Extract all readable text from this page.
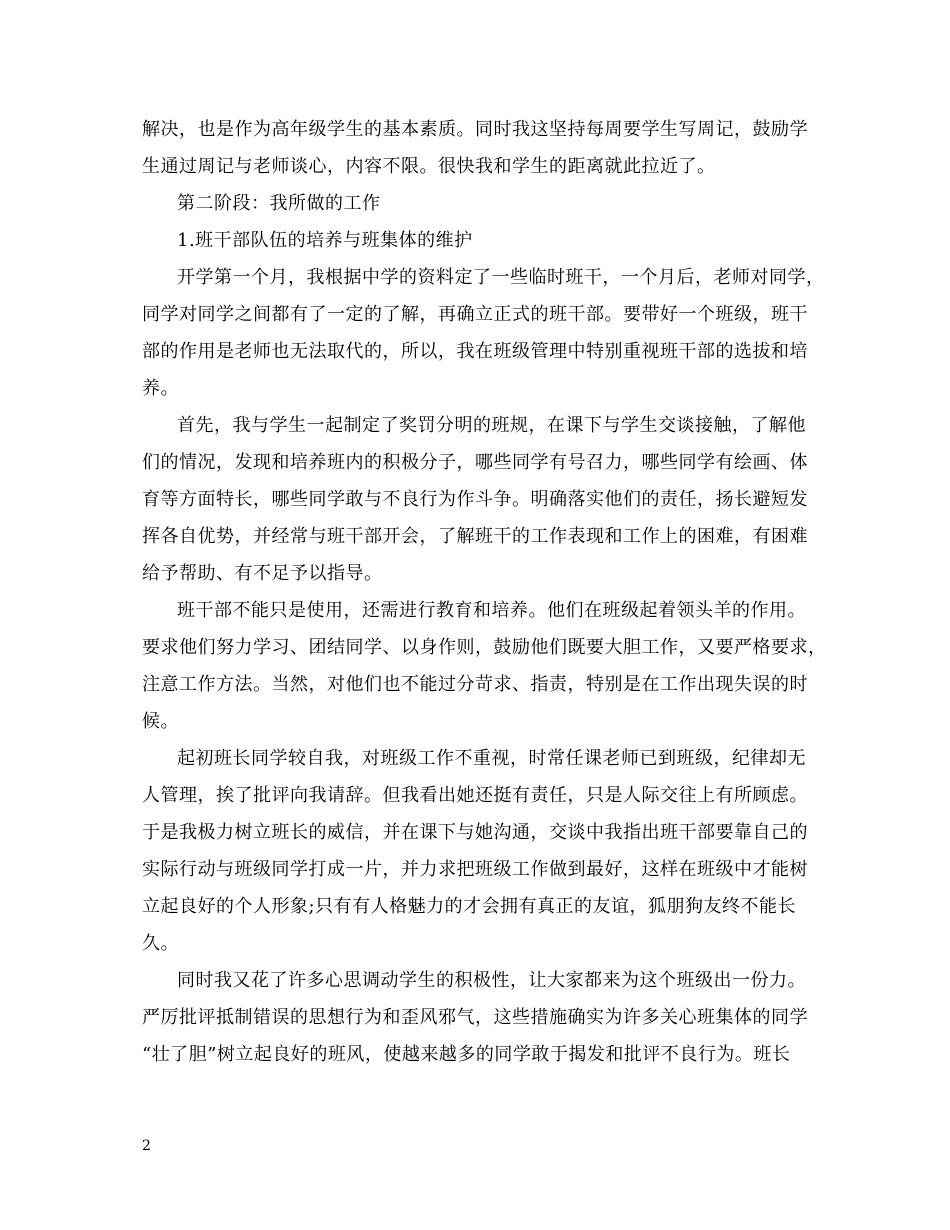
解决，也是作为高年级学生的基本素质。同时我这坚持每周要学生写周记，鼓励学
生通过周记与老师谈心，内容不限。很快我和学生的距离就此拉近了。
第二阶段：我所做的工作
1.班干部队伍的培养与班集体的维护
开学第一个月，我根据中学的资料定了一些临时班干，一个月后，老师对同学，
同学对同学之间都有了一定的了解，再确立正式的班干部。要带好一个班级，班干
部的作用是老师也无法取代的，所以，我在班级管理中特别重视班干部的选拔和培
养。
首先，我与学生一起制定了奖罚分明的班规，在课下与学生交谈接触，了解他
们的情况，发现和培养班内的积极分子，哪些同学有号召力，哪些同学有绘画、体
育等方面特长，哪些同学敢与不良行为作斗争。明确落实他们的责任，扬长避短发
挥各自优势，并经常与班干部开会，了解班干的工作表现和工作上的困难，有困难
给予帮助、有不足予以指导。
班干部不能只是使用，还需进行教育和培养。他们在班级起着领头羊的作用。
要求他们努力学习、团结同学、以身作则，鼓励他们既要大胆工作，又要严格要求，
注意工作方法。当然，对他们也不能过分苛求、指责，特别是在工作出现失误的时
候。
起初班长同学较自我，对班级工作不重视，时常任课老师已到班级，纪律却无
人管理，挨了批评向我请辞。但我看出她还挺有责任，只是人际交往上有所顾虑。
于是我极力树立班长的威信，并在课下与她沟通，交谈中我指出班干部要靠自己的
实际行动与班级同学打成一片，并力求把班级工作做到最好，这样在班级中才能树
立起良好的个人形象;只有有人格魅力的才会拥有真正的友谊，狐朋狗友终不能长
久。
同时我又花了许多心思调动学生的积极性，让大家都来为这个班级出一份力。
严厉批评抵制错误的思想行为和歪风邪气，这些措施确实为许多关心班集体的同学
“壮了胆”树立起良好的班风，使越来越多的同学敢于揭发和批评不良行为。班长
2
